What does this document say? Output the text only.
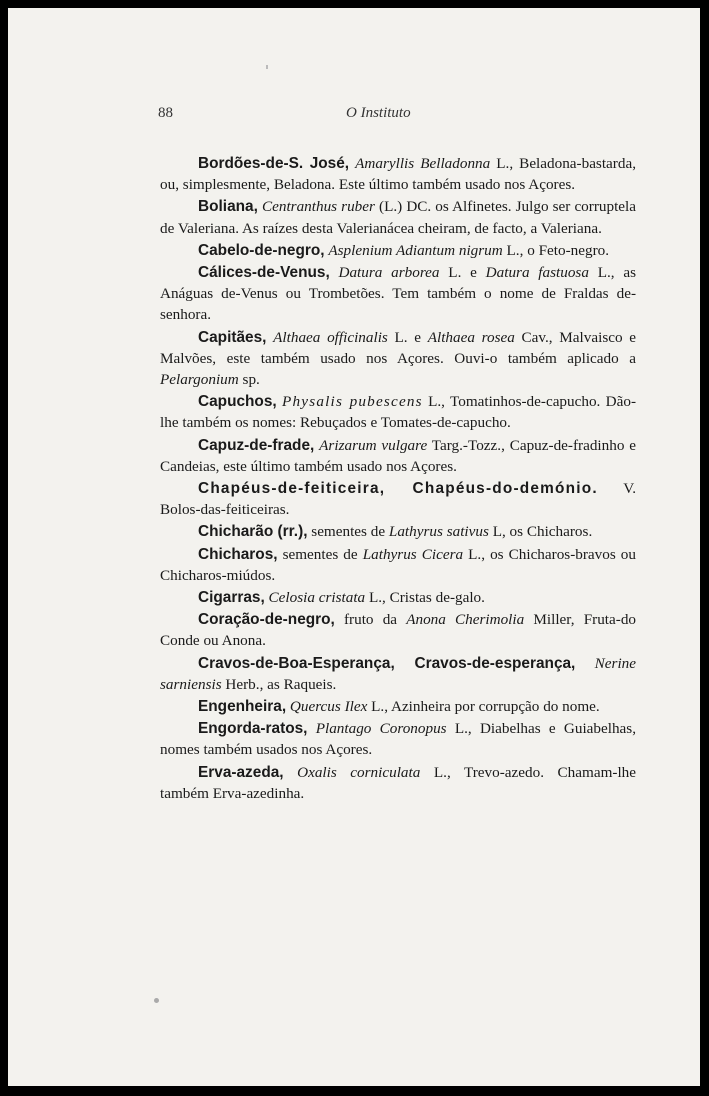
88	O Instituto

Bordões-de-S. José, Amaryllis Belladonna L., Beladona-bastarda, ou, simplesmente, Beladona. Este último também usado nos Açores.

Boliana, Centranthus ruber (L.) DC. os Alfinetes. Julgo ser corruptela de Valeriana. As raízes desta Valerianácea cheiram, de facto, a Valeriana.

Cabelo-de-negro, Asplenium Adiantum nigrum L., o Feto-negro.

Cálices-de-Venus, Datura arborea L. e Datura fastuosa L., as Anáguas de-Venus ou Trombetões. Tem também o nome de Fraldas de-senhora.

Capitães, Althaea officinalis L. e Althaea rosea Cav., Malvaisco e Malvões, este também usado nos Açores. Ouvi-o também aplicado a Pelargonium sp.

Capuchos, Physalis pubescens L., Tomatinhos-de-capucho. Dão-lhe também os nomes: Rebuçados e Tomates-de-capucho.

Capuz-de-frade, Arizarum vulgare Targ.-Tozz., Capuz-de-fradinho e Candeias, este último também usado nos Açores.

Chapéus-de-feiticeira, Chapéus-do-demónio. V. Bolos-das-feiticeiras.

Chicharão (rr.), sementes de Lathyrus sativus L, os Chicharos.

Chicharos, sementes de Lathyrus Cicera L., os Chicharos-bravos ou Chicharos-miúdos.

Cigarras, Celosia cristata L., Cristas de-galo.

Coração-de-negro, fruto da Anona Cherimolia Miller, Fruta-do Conde ou Anona.

Cravos-de-Boa-Esperança, Cravos-de-esperança, Nerine sarniensis Herb., as Raqueis.

Engenheira, Quercus Ilex L., Azinheira por corrupção do nome.

Engorda-ratos, Plantago Coronopus L., Diabelhas e Guiabelhas, nomes também usados nos Açores.

Erva-azeda, Oxalis corniculata L., Trevo-azedo. Chamam-lhe também Erva-azedinha.
